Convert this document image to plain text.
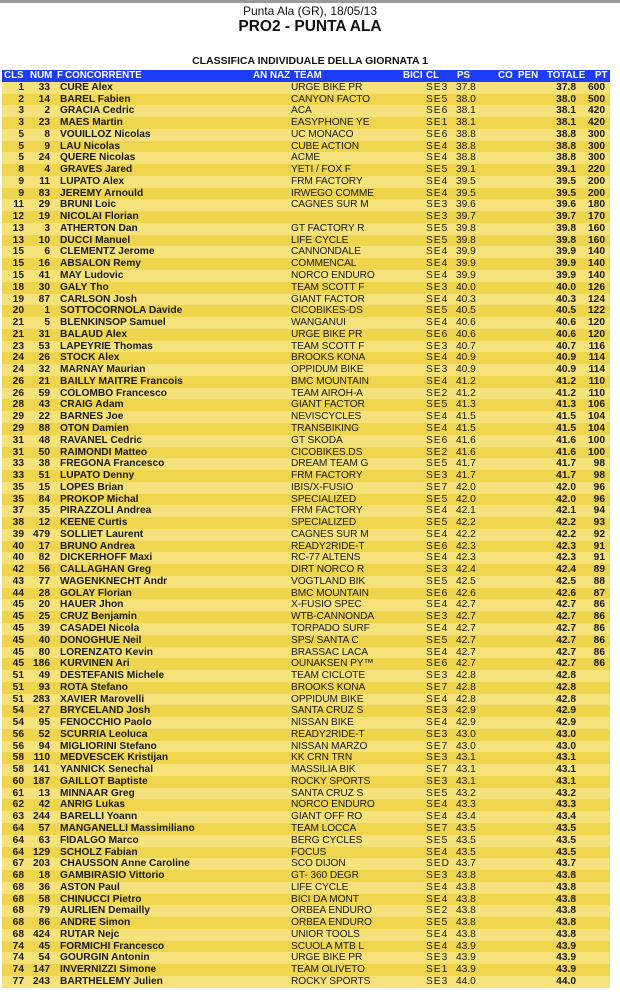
Punta Ala (GR), 18/05/13
PRO2 - PUNTA ALA
CLASSIFICA INDIVIDUALE DELLA GIORNATA 1
CLS NUM F CONCORRENTE	AN NAZ TEAM	BICI CL PS	CO PEN TOTALE PT
1	33 CURE Alex	URGE BIKE PR	SE3 37.8	37.8	600
2	14 BAREL Fabien	CANYON FACTO	SE5 38.0	38.0	500
3	2 GRACIA Cedric	ACA	SE6 38.1	38.1	420
3	23 MAES Martin	EASYPHONE YE	SE1 38.1	38.1	420
5	8 VOUILLOZ Nicolas	UC MONACO	SE6 38.8	38.8	300
5	9 LAU Nicolas	CUBE ACTION	SE4 38.8	38.8	300
5	24 QUERE Nicolas	ACME	SE4 38.8	38.8	300
8	4 GRAVES Jared	YETI / FOX F	SE5 39.1	39.1	220
9	11 LUPATO Alex	FRM FACTORY	SE4 39.5	39.5	200
9	83 JEREMY Arnould	IRWEGO COMME	SE4 39.5	39.5	200
11	29 BRUNI Loic	CAGNES SUR M	SE3 39.6	39.6	180
12	19 NICOLAI Florian	SE3 39.7	39.7	170
13	3 ATHERTON Dan	GT FACTORY R	SE5 39.8	39.8	160
13	10 DUCCI Manuel	LIFE CYCLE	SE5 39.8	39.8	160
15	6 CLEMENTZ Jerome	CANNONDALE	SE4 39.9	39.9	140
15	16 ABSALON Remy	COMMENCAL	SE4 39.9	39.9	140
15	41 MAY Ludovic	NORCO ENDURO	SE4 39.9	39.9	140
18	30 GALY Tho	TEAM SCOTT F	SE3 40.0	40.0	126
19	87 CARLSON Josh	GIANT FACTOR	SE4 40.3	40.3	124
20	1 SOTTOCORNOLA Davide	CICOBIKES-DS	SE5 40.5	40.5	122
21	5 BLENKINSOP Samuel	WANGANUI	SE4 40.6	40.6	120
21	31 BALAUD Alex	URGE BIKE PR	SE6 40.6	40.6	120
23	53 LAPEYRIE Thomas	TEAM SCOTT F	SE3 40.7	40.7	116
24	26 STOCK Alex	BROOKS KONA	SE4 40.9	40.9	114
24	32 MARNAY Maurian	OPPIDUM BIKE	SE3 40.9	40.9	114
26	21 BAILLY MAITRE Francois	BMC MOUNTAIN	SE4 41.2	41.2	110
26	59 COLOMBO Francesco	TEAM AIROH-A	SE2 41.2	41.2	110
28	43 CRAIG Adam	GIANT FACTOR	SE5 41.3	41.3	106
29	22 BARNES Joe	NEVISCYCLES	SE4 41.5	41.5	104
29	88 OTON Damien	TRANSBIKING	SE4 41.5	41.5	104
31	48 RAVANEL Cedric	GT SKODA	SE6 41.6	41.6	100
31	50 RAIMONDI Matteo	CICOBIKES.DS	SE2 41.6	41.6	100
33	38 FREGONA Francesco	DREAM TEAM G	SE5 41.7	41.7	98
33	51 LUPATO Denny	FRM FACTORY	SE3 41.7	41.7	98
35	15 LOPES Brian	IBIS/X-FUSIO	SE7 42.0	42.0	96
35	84 PROKOP Michal	SPECIALIZED	SE5 42.0	42.0	96
37	35 PIRAZZOLI Andrea	FRM FACTORY	SE4 42.1	42.1	94
38	12 KEENE Curtis	SPECIALIZED	SE5 42.2	42.2	93
39 479 SOLLIET Laurent	CAGNES SUR M	SE4 42.2	42.2	92
40	17 BRUNO Andrea	READY2RIDE-T	SE6 42.3	42.3	91
40	82 DICKERHOFF Maxi	RC-77 ALTENS	SE4 42.3	42.3	91
42	56 CALLAGHAN Greg	DIRT NORCO R	SE3 42.4	42.4	89
43	77 WAGENKNECHT Andr	VOGTLAND BIK	SE5 42.5	42.5	88
44	28 GOLAY Florian	BMC MOUNTAIN	SE6 42.6	42.6	87
45	20 HAUER Jhon	X-FUSIO SPEC	SE4 42.7	42.7	86
45	25 CRUZ Benjamin	WTB-CANNONDA	SE3 42.7	42.7	86
45	39 CASADEI Nicola	TORPADO SURF	SE4 42.7	42.7	86
45	40 DONOGHUE Neil	SPS/ SANTA C	SE5 42.7	42.7	86
45	80 LORENZATO Kevin	BRASSAC LACA	SE4 42.7	42.7	86
45 186 KURVINEN Ari	OUNAKSEN PY™	SE6 42.7	42.7	86
51	49 DESTEFANIS Michele	TEAM CICLOTE	SE3 42.8	42.8
51	93 ROTA Stefano	BROOKS KONA	SE7 42.8	42.8
51 283 XAVIER Marovelli	OPPIDUM BIKE	SE4 42.8	42.8
54	27 BRYCELAND Josh	SANTA CRUZ S	SE3 42.9	42.9
54	95 FENOCCHIO Paolo	NISSAN BIKE	SE4 42.9	42.9
56	52 SCURRIA Leoluca	READY2RIDE-T	SE3 43.0	43.0
56	94 MIGLIORINI Stefano	NISSAN MARZO	SE7 43.0	43.0
58 110 MEDVESCEK Kristijan	KK CRN TRN	SE3 43.1	43.1
58 141 YANNICK Senechal	MASSILIA BIK	SE7 43.1	43.1
60 187 GAILLOT Baptiste	ROCKY SPORTS	SE3 43.1	43.1
61	13 MINNAAR Greg	SANTA CRUZ S	SE5 43.2	43.2
62	42 ANRIG Lukas	NORCO ENDURO	SE4 43.3	43.3
63 244 BARELLI Yoann	GIANT OFF RO	SE4 43.4	43.4
64	57 MANGANELLI Massimiliano	TEAM LOCCA	SE7 43.5	43.5
64	63 FIDALGO Marco	BERG CYCLES	SE5 43.5	43.5
64 129 SCHOLZ Fabian	FOCUS	SE4 43.5	43.5
67 203 CHAUSSON Anne Caroline	SCO DIJON	SED 43.7	43.7
68	18 GAMBIRASIO Vittorio	GT- 360 DEGR	SE3 43.8	43.8
68	36 ASTON Paul	LIFE CYCLE	SE4 43.8	43.8
68	58 CHINUCCI Pietro	BICI DA MONT	SE4 43.8	43.8
68	79 AURLIEN Demailly	ORBEA ENDURO	SE2 43.8	43.8
68	86 ANDRE Simon	ORBEA ENDURO	SE5 43.8	43.8
68 424 RUTAR Nejc	UNIOR TOOLS	SE4 43.8	43.8
74	45 FORMICHI Francesco	SCUOLA MTB L	SE4 43.9	43.9
74	54 GOURGIN Antonin	URGE BIKE PR	SE3 43.9	43.9
74 147 INVERNIZZI Simone	TEAM OLIVETO	SE1 43.9	43.9
77 243 BARTHELEMY Julien	ROCKY SPORTS	SE3 44.0	44.0
